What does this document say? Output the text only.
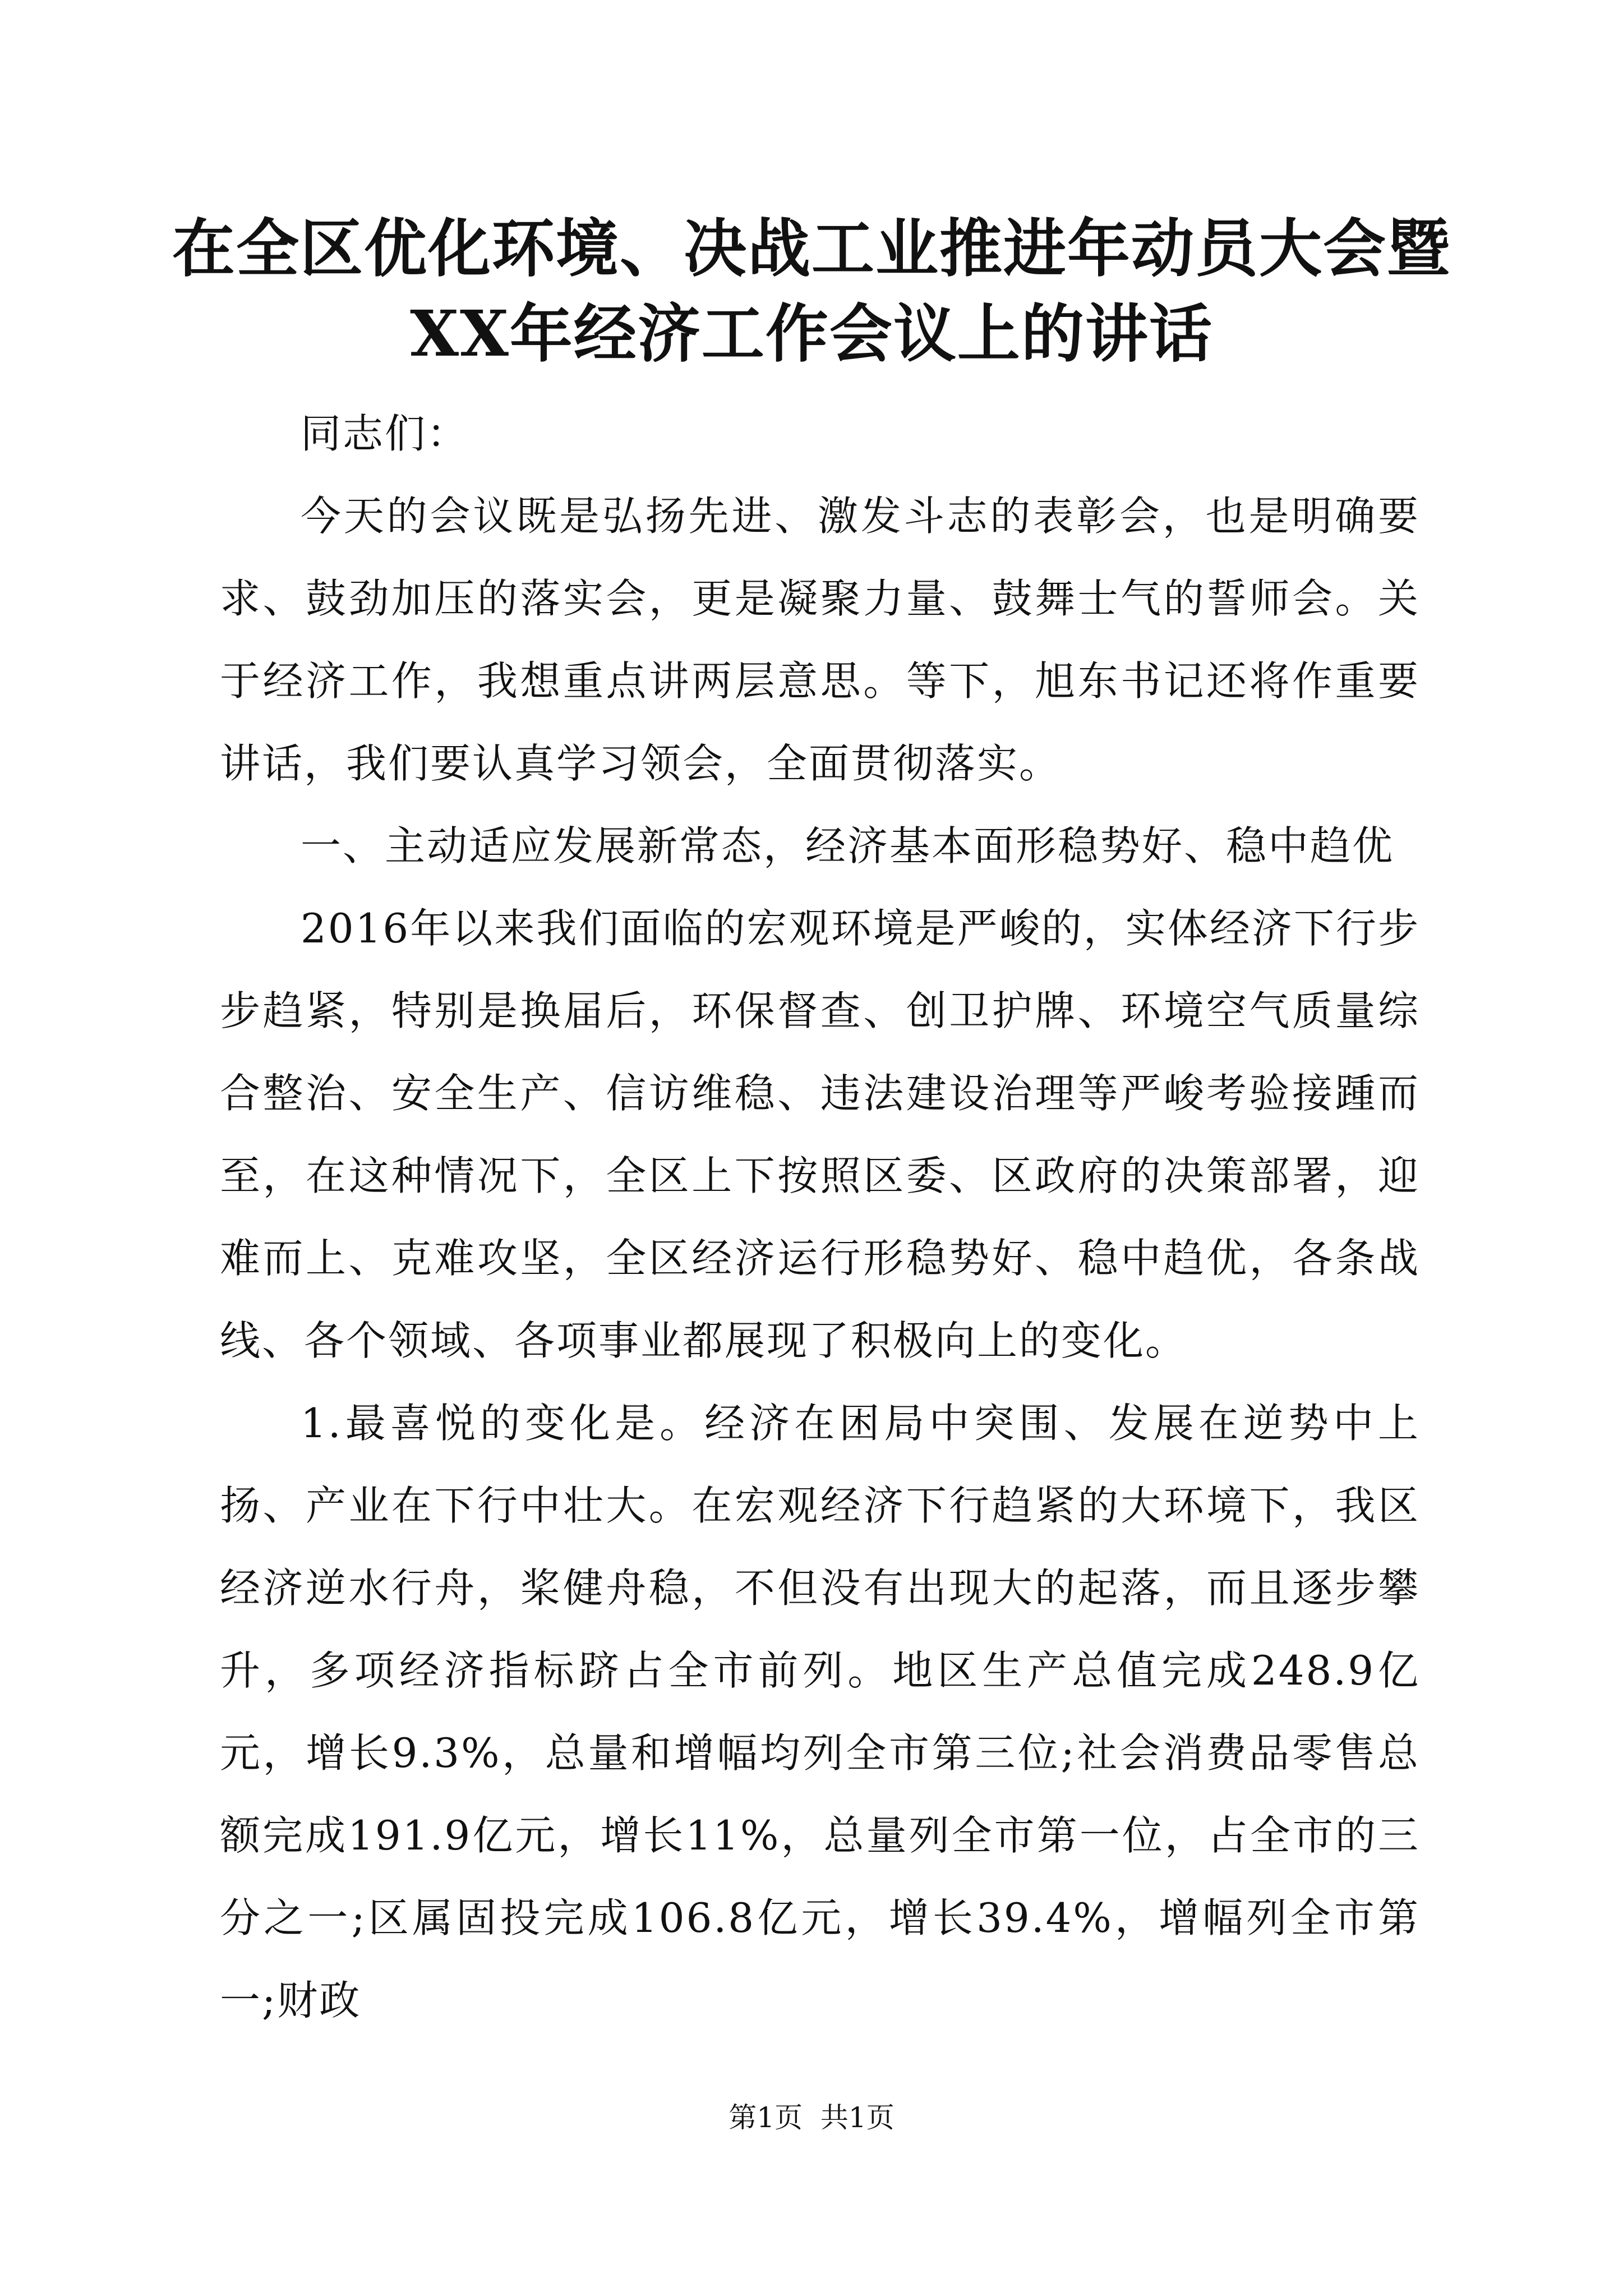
在全区优化环境、决战工业推进年动员大会暨
XX年经济工作会议上的讲话

同志们：

今天的会议既是弘扬先进、激发斗志的表彰会，也是明确要求、鼓劲加压的落实会，更是凝聚力量、鼓舞士气的誓师会。关于经济工作，我想重点讲两层意思。等下，旭东书记还将作重要讲话，我们要认真学习领会，全面贯彻落实。

一、主动适应发展新常态，经济基本面形稳势好、稳中趋优

2016年以来我们面临的宏观环境是严峻的，实体经济下行步步趋紧，特别是换届后，环保督查、创卫护牌、环境空气质量综合整治、安全生产、信访维稳、违法建设治理等严峻考验接踵而至，在这种情况下，全区上下按照区委、区政府的决策部署，迎难而上、克难攻坚，全区经济运行形稳势好、稳中趋优，各条战线、各个领域、各项事业都展现了积极向上的变化。

1.最喜悦的变化是。经济在困局中突围、发展在逆势中上扬、产业在下行中壮大。在宏观经济下行趋紧的大环境下，我区经济逆水行舟，桨健舟稳，不但没有出现大的起落，而且逐步攀升，多项经济指标跻占全市前列。地区生产总值完成248.9亿元，增长9.3%，总量和增幅均列全市第三位;社会消费品零售总额完成191.9亿元，增长11%，总量列全市第一位，占全市的三分之一;区属固投完成106.8亿元，增长39.4%，增幅列全市第一;财政

第1页  共1页
